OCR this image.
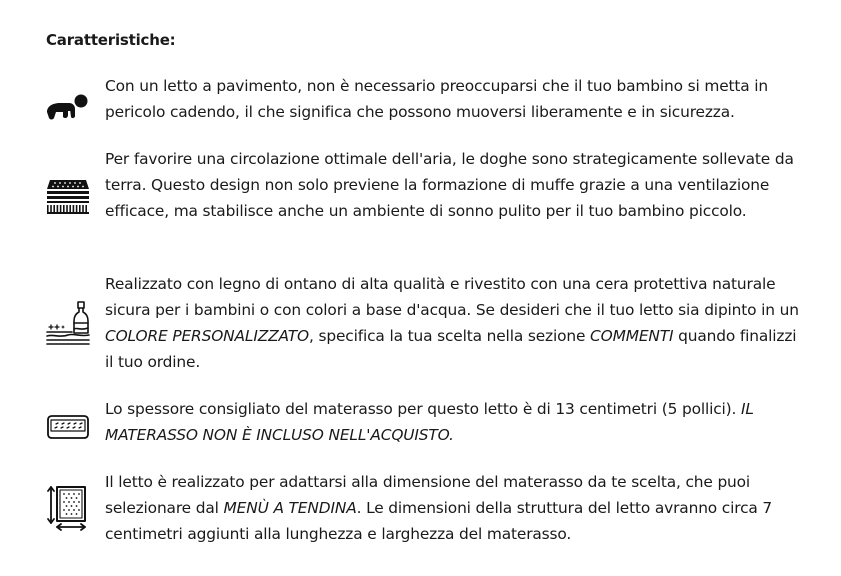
Caratteristiche:
Con un letto a pavimento, non è necessario preoccuparsi che il tuo bambino si metta in pericolo cadendo, il che significa che possono muoversi liberamente e in sicurezza.
Per favorire una circolazione ottimale dell'aria, le doghe sono strategicamente sollevate da terra. Questo design non solo previene la formazione di muffe grazie a una ventilazione efficace, ma stabilisce anche un ambiente di sonno pulito per il tuo bambino piccolo.
Realizzato con legno di ontano di alta qualità e rivestito con una cera protettiva naturale sicura per i bambini o con colori a base d'acqua. Se desideri che il tuo letto sia dipinto in un COLORE PERSONALIZZATO, specifica la tua scelta nella sezione COMMENTI quando finalizzi il tuo ordine.
Lo spessore consigliato del materasso per questo letto è di 13 centimetri (5 pollici). IL MATERASSO NON È INCLUSO NELL'ACQUISTO.
Il letto è realizzato per adattarsi alla dimensione del materasso da te scelta, che puoi selezionare dal MENÙ A TENDINA. Le dimensioni della struttura del letto avranno circa 7 centimetri aggiunti alla lunghezza e larghezza del materasso.
